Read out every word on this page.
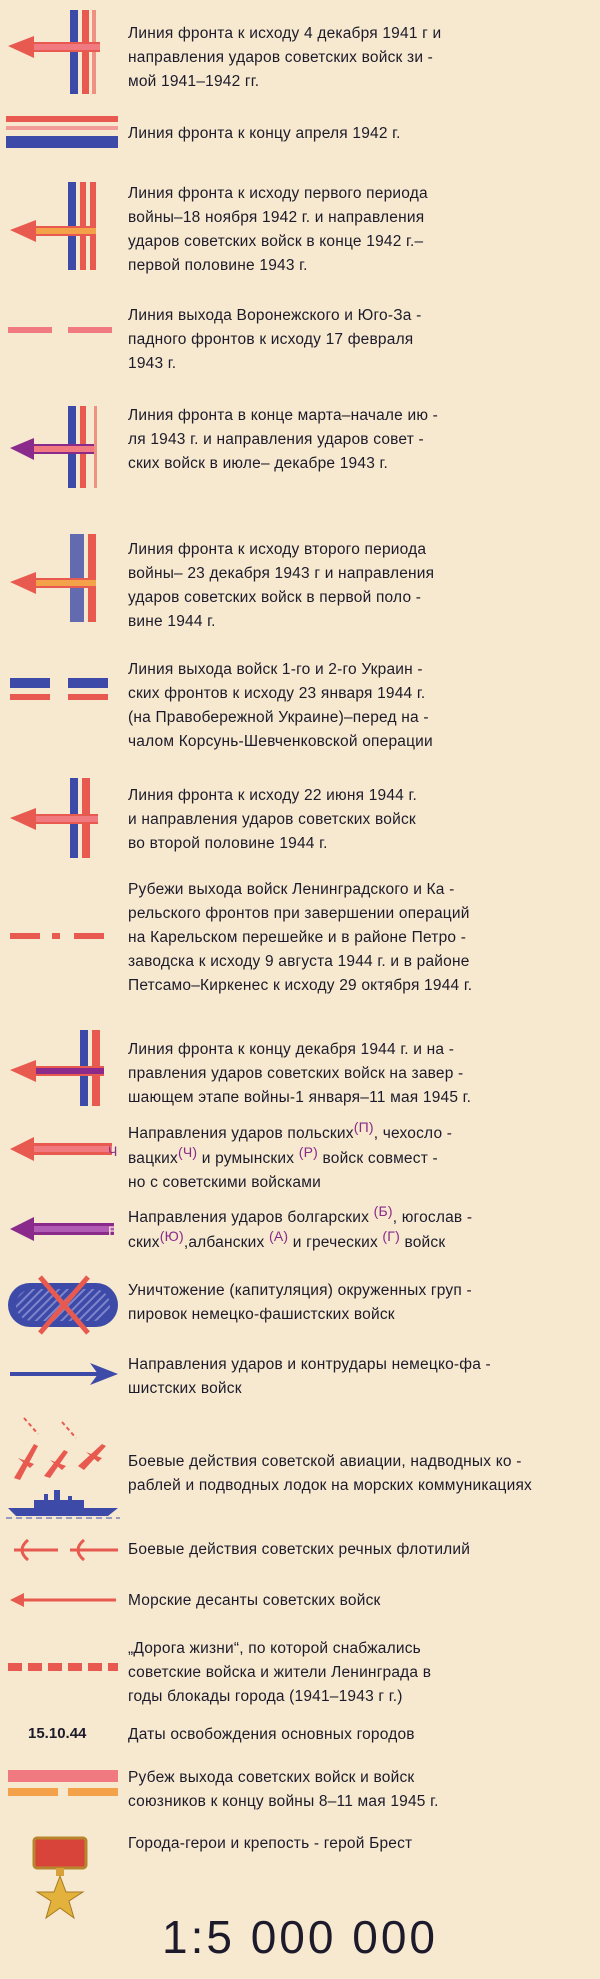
Линия фронта к исходу 4 декабря 1941 г и
направления ударов советских войск зи -
мой 1941–1942 гг.
Линия фронта к концу апреля 1942 г.
Линия фронта к исходу первого периода
войны–18 ноября 1942 г. и направления
ударов советских войск в конце 1942 г.–
первой половине 1943 г.
Линия выхода Воронежского и Юго-За -
падного фронтов к исходу 17 февраля
1943 г.
Линия фронта в конце марта–начале ию -
ля 1943 г. и направления ударов совет -
ских войск в июле– декабре 1943 г.
Линия фронта к исходу второго периода
войны– 23 декабря 1943 г и направления
ударов советских войск в первой поло -
вине 1944 г.
Линия выхода войск 1-го и 2-го Украин -
ских фронтов к исходу 23 января 1944 г.
(на Правобережной Украине)–перед на -
чалом Корсунь-Шевченковской операции
Линия фронта к исходу 22 июня 1944 г.
и направления ударов советских войск
во второй половине 1944 г.
Рубежи выхода войск Ленинградского и Ка -
рельского фронтов при завершении операций
на Карельском перешейке и в районе Петро -
заводска к исходу 9 августа 1944 г. и в районе
Петсамо–Киркенес к исходу 29 октября 1944 г.
Линия фронта к концу декабря 1944 г. и на -
правления ударов советских войск на завер -
шающем этапе войны-1 января–11 мая 1945 г.
Ч
Направления ударов польских(П), чехосло -
вацких(Ч) и румынских (Р) войск совмест -
но с советскими войсками
Б
Направления ударов болгарских (Б), югослав -
ских(Ю),албанских (А) и греческих (Г) войск
Уничтожение (капитуляция) окруженных груп -
пировок немецко-фашистских войск
Направления ударов и контрудары немецко-фа -
шистских войск
Боевые действия советской авиации, надводных ко -
раблей и подводных лодок на морских коммуникациях
Боевые действия советских речных флотилий
Морские десанты советских войск
„Дорога жизни“, по которой снабжались
советские войска и жители Ленинграда в
годы блокады города (1941–1943 г г.)
15.10.44	Даты освобождения основных городов
Рубеж выхода советских войск и войск
союзников к концу войны 8–11 мая 1945 г.
Города-герои и крепость - герой Брест
1:5 000 000
